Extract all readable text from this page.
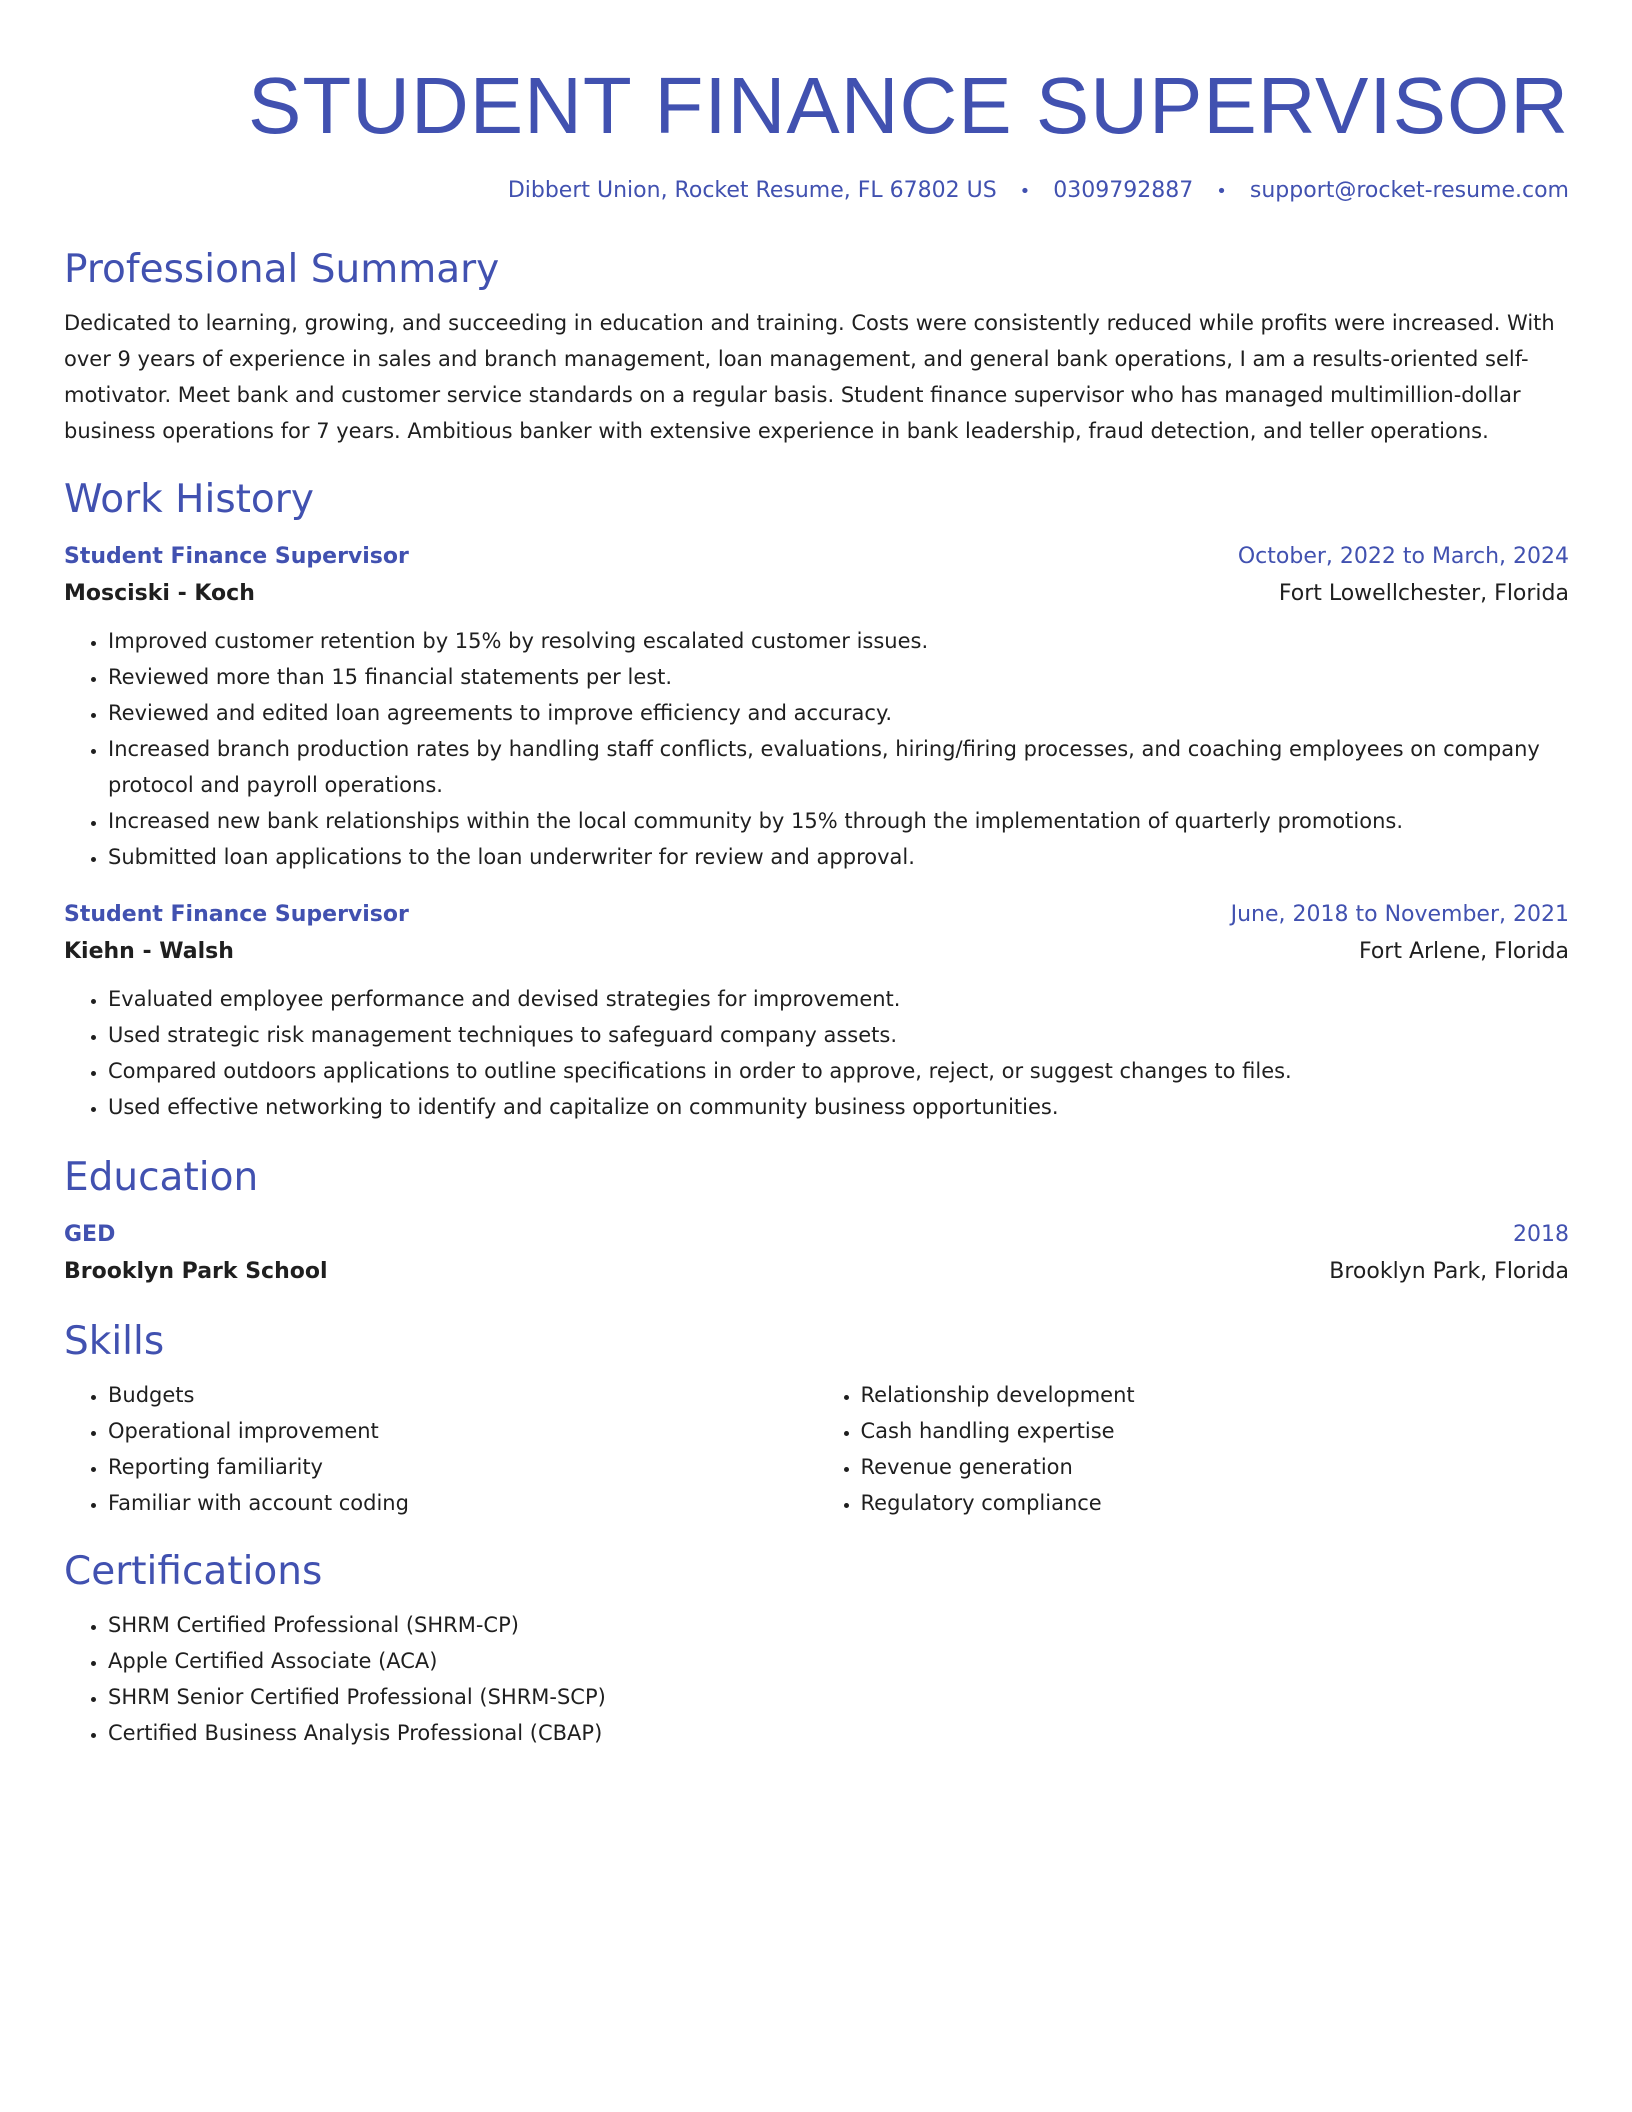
STUDENT FINANCE SUPERVISOR
Dibbert Union, Rocket Resume, FL 67802 US • 0309792887 • support@rocket-resume.com
Professional Summary

Dedicated to learning, growing, and succeeding in education and training. Costs were consistently reduced while profits were increased. With over 9 years of experience in sales and branch management, loan management, and general bank operations, I am a results-oriented self-motivator. Meet bank and customer service standards on a regular basis. Student finance supervisor who has managed multimillion-dollar business operations for 7 years. Ambitious banker with extensive experience in bank leadership, fraud detection, and teller operations.

Work History
Student Finance Supervisor	October, 2022 to March, 2024
Mosciski - Koch	Fort Lowellchester, Florida
• Improved customer retention by 15% by resolving escalated customer issues.
• Reviewed more than 15 financial statements per lest.
• Reviewed and edited loan agreements to improve efficiency and accuracy.
• Increased branch production rates by handling staff conflicts, evaluations, hiring/firing processes, and coaching employees on company protocol and payroll operations.
• Increased new bank relationships within the local community by 15% through the implementation of quarterly promotions.
• Submitted loan applications to the loan underwriter for review and approval.
Student Finance Supervisor	June, 2018 to November, 2021
Kiehn - Walsh	Fort Arlene, Florida
• Evaluated employee performance and devised strategies for improvement.
• Used strategic risk management techniques to safeguard company assets.
• Compared outdoors applications to outline specifications in order to approve, reject, or suggest changes to files.
• Used effective networking to identify and capitalize on community business opportunities.
Education
GED	2018
Brooklyn Park School	Brooklyn Park, Florida
Skills
• Budgets
• Operational improvement
• Reporting familiarity
• Familiar with account coding
• Relationship development
• Cash handling expertise
• Revenue generation
• Regulatory compliance
Certifications
• SHRM Certified Professional (SHRM-CP)
• Apple Certified Associate (ACA)
• SHRM Senior Certified Professional (SHRM-SCP)
• Certified Business Analysis Professional (CBAP)
